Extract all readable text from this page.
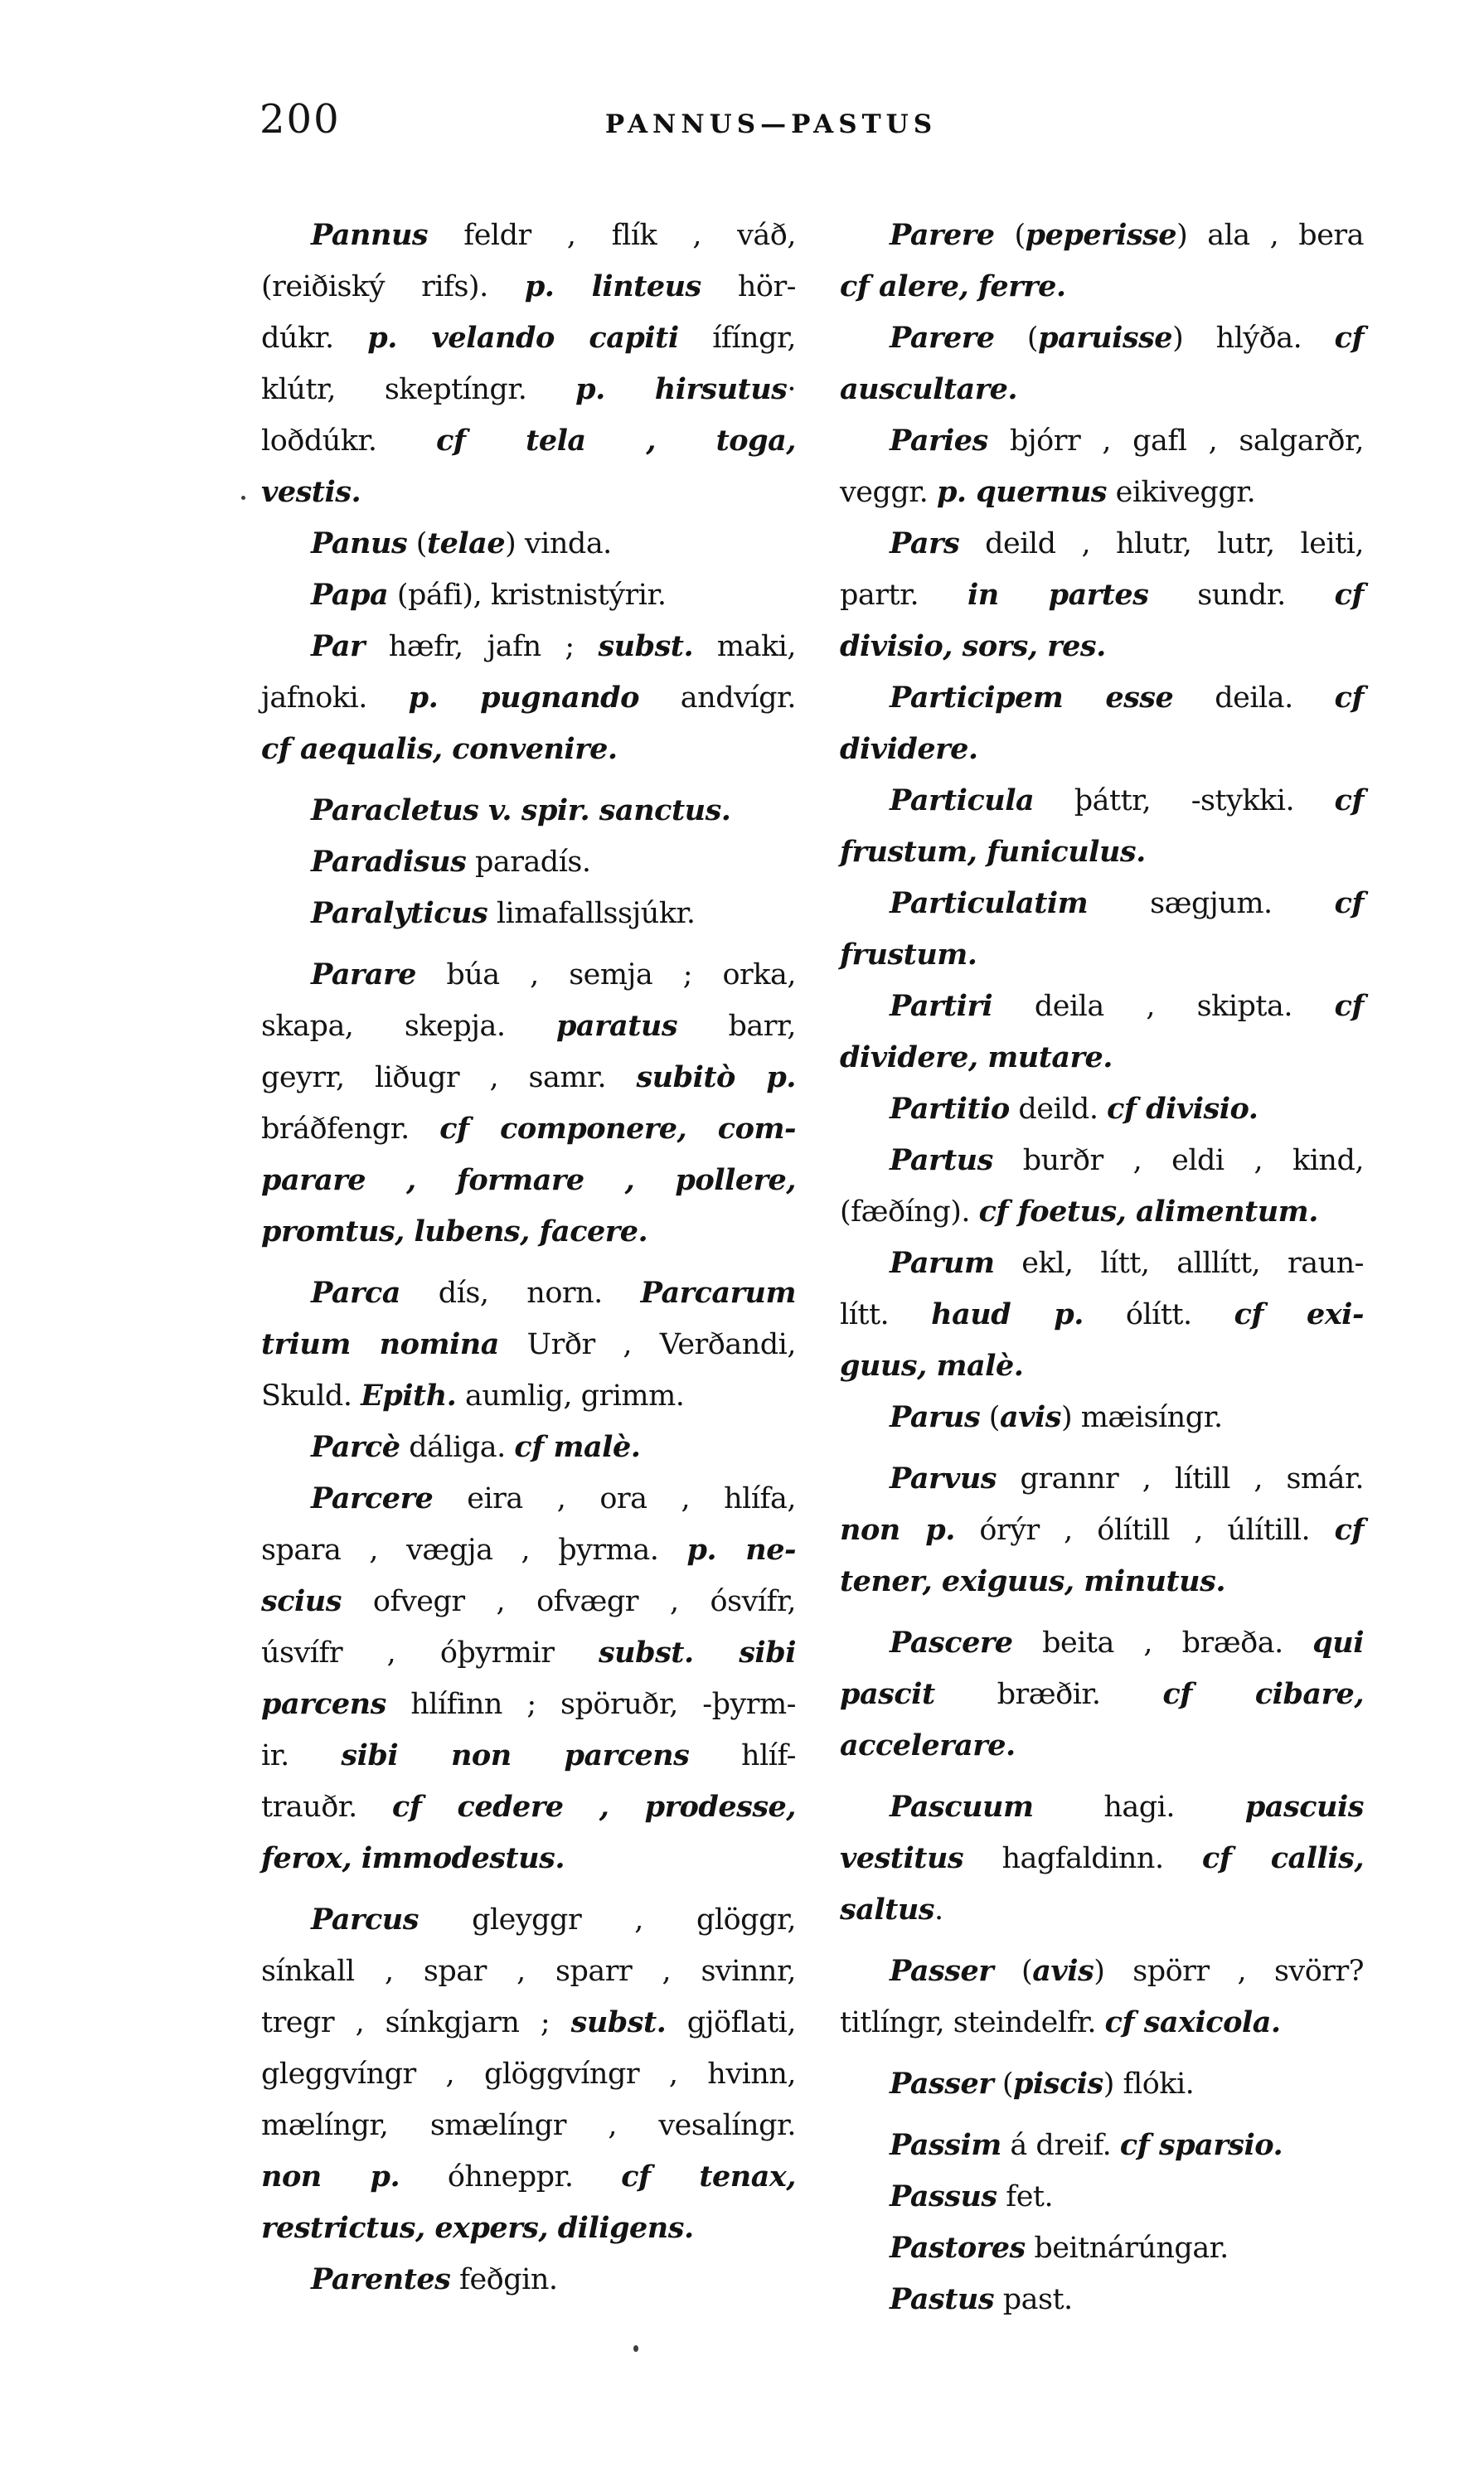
200	PANNUS—PASTUS
Pannus feldr , flík , váð,
(reiðiský rifs). p. linteus hör-
dúkr. p. velando capiti ífíngr,
klútr, skeptíngr. p. hirsutus·
loðdúkr. cf tela , toga,
vestis.
Panus (telae) vinda.
Papa (páfi), kristnistýrir.
Par hæfr, jafn ; subst. maki,
jafnoki. p. pugnando andvígr.
cf aequalis, convenire.
Paracletus v. spir. sanctus.
Paradisus paradís.
Paralyticus limafallssjúkr.
Parare búa , semja ; orka,
skapa, skepja. paratus barr,
geyrr, liðugr , samr. subitò p.
bráðfengr. cf componere, com-
parare , formare , pollere,
promtus, lubens, facere.
Parca dís, norn. Parcarum
trium nomina Urðr , Verðandi,
Skuld. Epith. aumlig, grimm.
Parcè dáliga. cf malè.
Parcere eira , ora , hlífa,
spara , vægja , þyrma. p. ne-
scius ofvegr , ofvægr , ósvífr,
úsvífr , óþyrmir subst. sibi
parcens hlífinn ; spöruðr, -þyrm-
ir. sibi non parcens hlíf-
trauðr. cf cedere , prodesse,
ferox, immodestus.
Parcus gleyggr , glöggr,
sínkall , spar , sparr , svinnr,
tregr , sínkgjarn ; subst. gjöflati,
gleggvíngr , glöggvíngr , hvinn,
mælíngr, smælíngr , vesalíngr.
non p. óhneppr. cf tenax,
restrictus, expers, diligens.
Parentes feðgin.
Parere (peperisse) ala , bera
cf alere, ferre.
Parere (paruisse) hlýða. cf
auscultare.
Paries bjórr , gafl , salgarðr,
veggr. p. quernus eikiveggr.
Pars deild , hlutr, lutr, leiti,
partr. in partes sundr. cf
divisio, sors, res.
Participem esse deila. cf
dividere.
Particula þáttr, -stykki. cf
frustum, funiculus.
Particulatim sægjum. cf
frustum.
Partiri deila , skipta. cf
dividere, mutare.
Partitio deild. cf divisio.
Partus burðr , eldi , kind,
(fæðíng). cf foetus, alimentum.
Parum ekl, lítt, alllítt, raun-
lítt. haud p. ólítt. cf exi-
guus, malè.
Parus (avis) mæisíngr.
Parvus grannr , lítill , smár.
non p. órýr , ólítill , úlítill. cf
tener, exiguus, minutus.
Pascere beita , bræða. qui
pascit bræðir. cf cibare,
accelerare.
Pascuum hagi. pascuis
vestitus hagfaldinn. cf callis,
saltus.
Passer (avis) spörr , svörr?
titlíngr, steindelfr. cf saxicola.
Passer (piscis) flóki.
Passim á dreif. cf sparsio.
Passus fet.
Pastores beitnárúngar.
Pastus past.
